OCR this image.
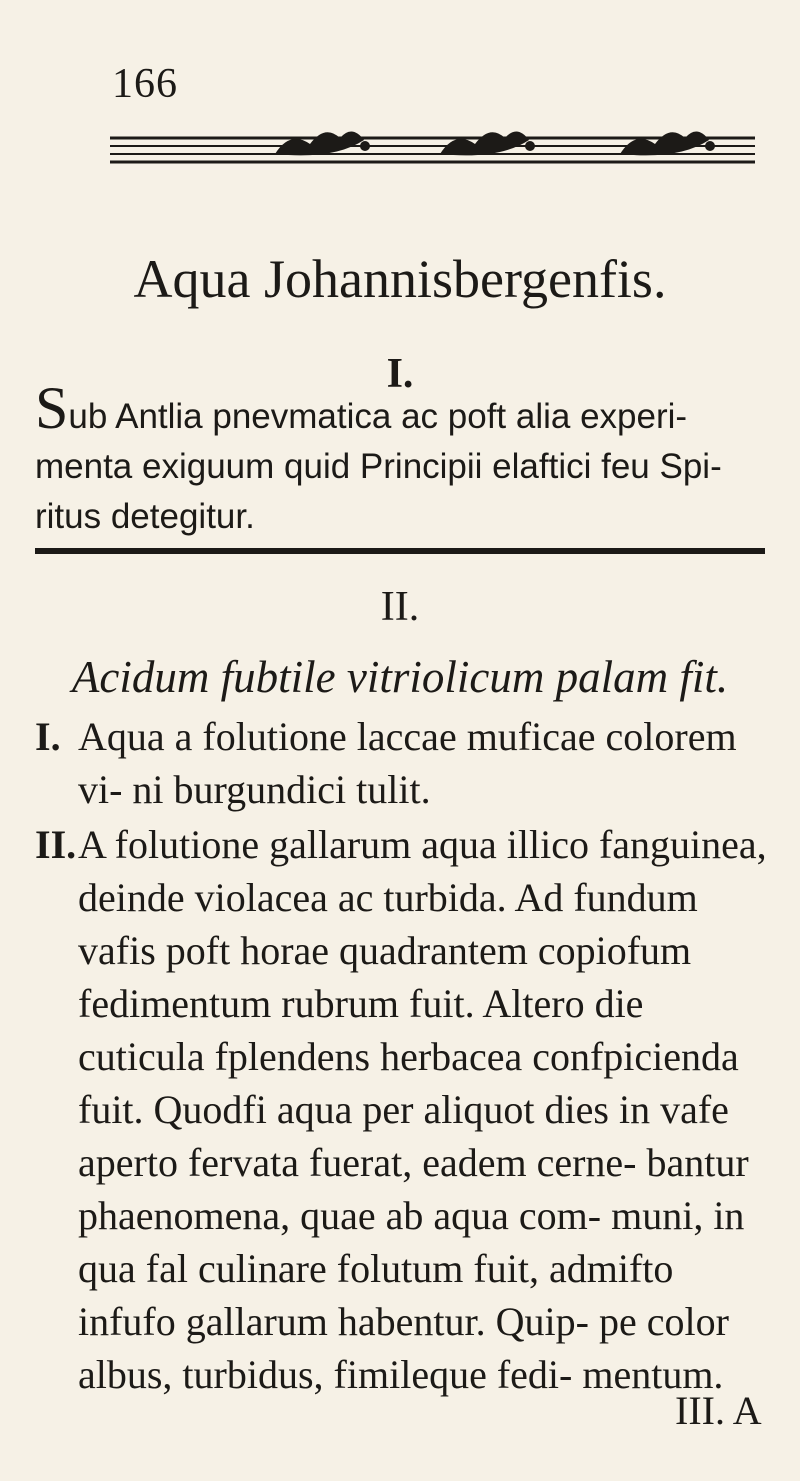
166
Aqua Johannisbergenfis.
I.
Sub Antlia pnevmatica ac poft alia experi- menta exiguum quid Principii elaftici feu Spi- ritus detegitur.
II.
Acidum fubtile vitriolicum palam fit.
I. Aqua a folutione laccae muficae colorem vi- ni burgundici tulit.
II. A folutione gallarum aqua illico fanguinea, deinde violacea ac turbida. Ad fundum vafis poft horae quadrantem copiofum fedimentum rubrum fuit. Altero die cuticula fplendens herbacea confpicienda fuit. Quodfi aqua per aliquot dies in vafe aperto fervata fuerat, eadem cerne- bantur phaenomena, quae ab aqua com- muni, in qua fal culinare folutum fuit, admifto infufo gallarum habentur. Quip- pe color albus, turbidus, fimileque fedi- mentum.
III. A
